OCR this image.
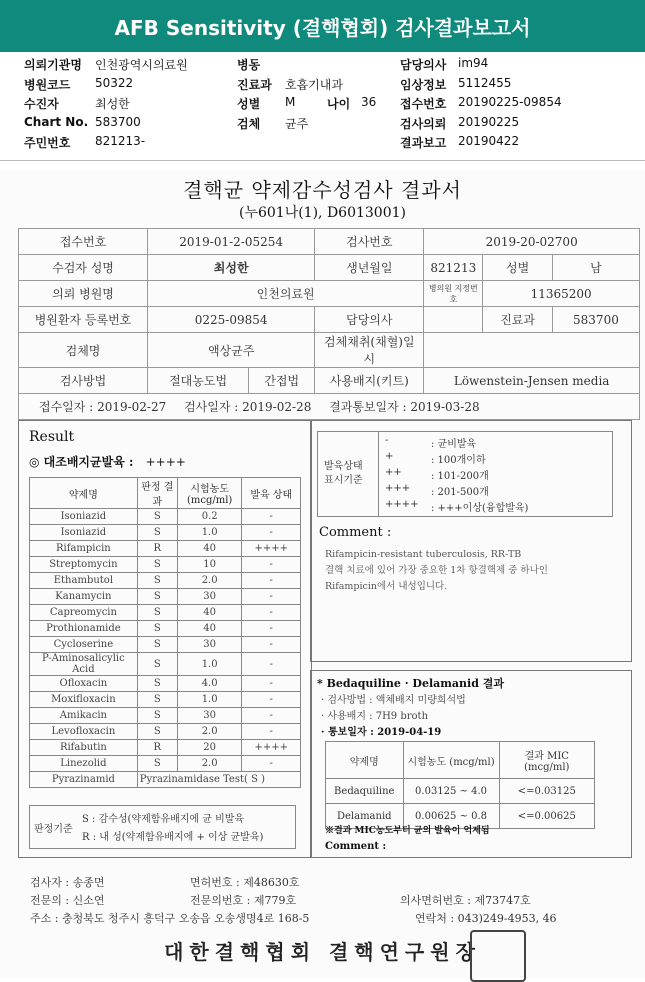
AFB Sensitivity (결핵협회) 검사결과보고서
의뢰기관명 인천광역시의료원	병동	담당의사 im94
병원코드 50322	진료과 호흡기내과	임상정보 5112455
수진자	최성한	성별 M	나이 36 접수번호 20190225-09854
Chart No. 583700	검체 균주	검사의뢰 20190225
주민번호 821213-	결과보고 20190422
결핵균 약제감수성검사 결과서
(누601나(1), D6013001)
접수번호	2019-01-2-05254		검사번호	2019-20-02700		
수검자 성명	최성한		생년월일	821213	성별	남
의뢰 병원명	인천의료원			병의원 지정번호	11365200	
병원환자 등록번호	0225-09854		담당의사		진료과	583700
검체명	액상균주		검체채취(채혈)일시			
검사방법	절대농도법	간접법	사용배지(키트)	Löwenstein-Jensen media		
접수일자 : 2019-02-27 검사일자 : 2019-02-28 결과통보일자 : 2019-03-28						
Result
◎ 대조배지균발육 : ++++
약제명	판정 결과	시험농도 (mcg/ml)	발육 상태
Isoniazid	S	0.2	-
Isoniazid	S	1.0	-
Rifampicin	R	40	++++
Streptomycin	S	10	-
Ethambutol	S	2.0	-
Kanamycin	S	30	-
Capreomycin	S	40	-
Prothionamide	S	40	-
Cycloserine	S	30	-
P-Aminosalicylic Acid	S	1.0	-
Ofloxacin	S	4.0	-
Moxifloxacin	S	1.0	-
Amikacin	S	30	-
Levofloxacin	S	2.0	-
Rifabutin	R	20	++++
Linezolid	S	2.0	-
Pyrazinamid	Pyrazinamidase Test( S )		
판정기준
S : 감수성(약제함유배지에 균 비발육
R : 내 성(약제함유배지에 + 이상 균발육)
발육상태 표시기준
-	: 균비발육
+	: 100개이하
++	: 101-200개
+++ : 201-500개
++++ : +++이상(융합발육)
Comment :
Rifampicin-resistant tuberculosis, RR-TB
결핵 치료에 있어 가장 중요한 1차 항결핵제 중 하나인
Rifampicin에서 내성입니다.
* Bedaquiline · Delamanid 결과
· 검사방법 : 액체배지 미량희석법
· 사용배지 : 7H9 broth
· 통보일자 : 2019-04-19
약제명	시험농도 (mcg/ml)	결과 MIC (mcg/ml)
Bedaquiline	0.03125 ~ 4.0	<=0.03125
Delamanid	0.00625 ~ 0.8	<=0.00625
※결과 MIC농도부터 균의 발육이 억제됨
Comment :
검사자 : 송종면	면허번호 : 제48630호
전문의 : 신소연	전문의번호 : 제779호	의사면허번호 : 제73747호
주소 : 충청북도 청주시 흥덕구 오송읍 오송생명4로 168-5	연락처 : 043)249-4953, 46
대한결핵협회 결핵연구원장
